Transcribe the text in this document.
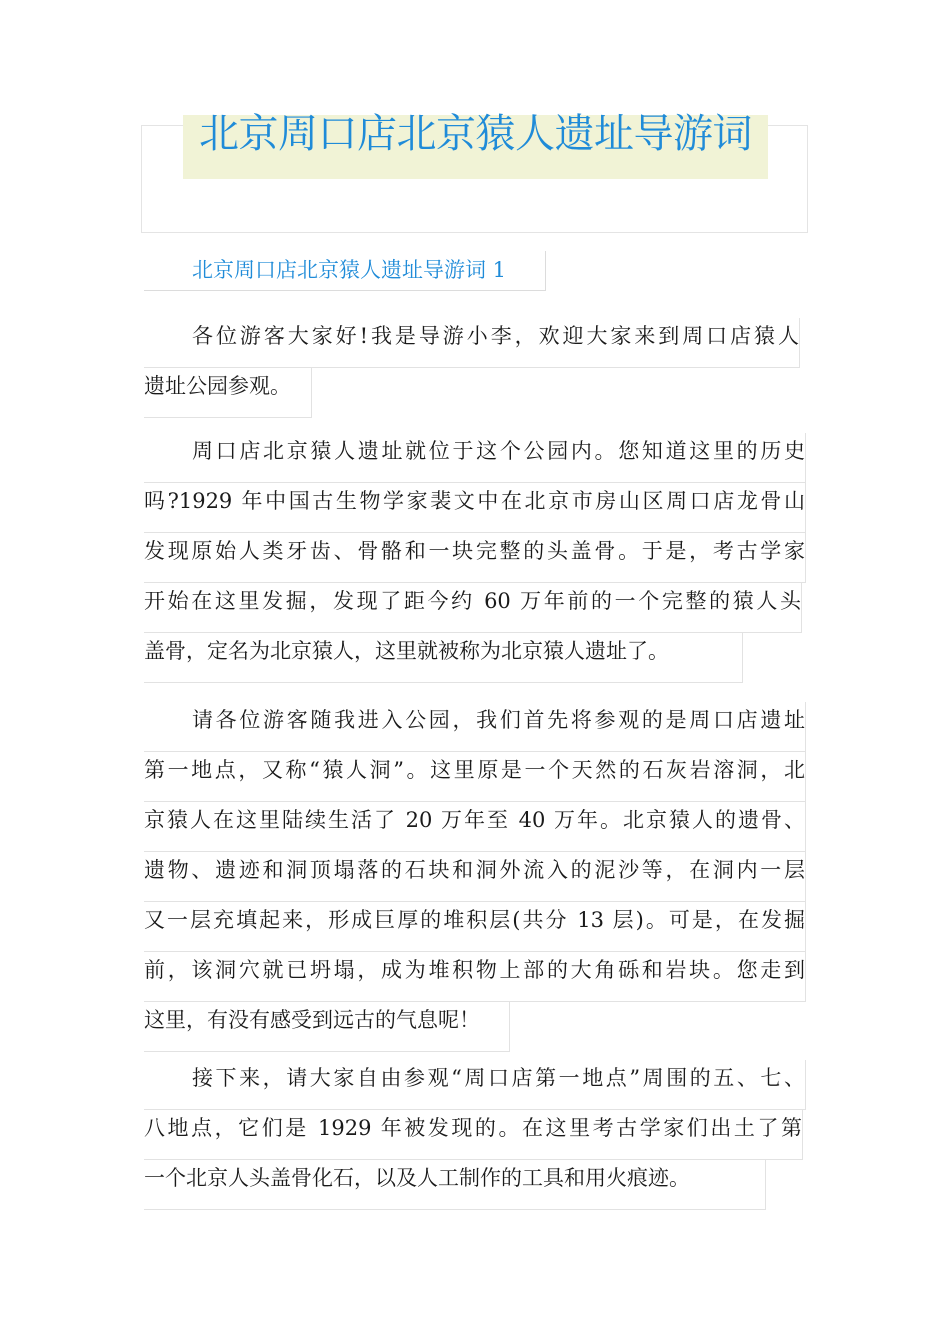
北京周口店北京猿人遗址导游词
北京周口店北京猿人遗址导游词 1
各位游客大家好!我是导游小李，欢迎大家来到周口店猿人
遗址公园参观。
周口店北京猿人遗址就位于这个公园内。您知道这里的历史
吗?1929 年中国古生物学家裴文中在北京市房山区周口店龙骨山
发现原始人类牙齿、骨骼和一块完整的头盖骨。于是，考古学家
开始在这里发掘，发现了距今约 60 万年前的一个完整的猿人头
盖骨，定名为北京猿人，这里就被称为北京猿人遗址了。
请各位游客随我进入公园，我们首先将参观的是周口店遗址
第一地点，又称“猿人洞”。这里原是一个天然的石灰岩溶洞，北
京猿人在这里陆续生活了 20 万年至 40 万年。北京猿人的遗骨、
遗物、遗迹和洞顶塌落的石块和洞外流入的泥沙等，在洞内一层
又一层充填起来，形成巨厚的堆积层(共分 13 层)。可是，在发掘
前，该洞穴就已坍塌，成为堆积物上部的大角砾和岩块。您走到
这里，有没有感受到远古的气息呢！
接下来，请大家自由参观“周口店第一地点”周围的五、七、
八地点，它们是 1929 年被发现的。在这里考古学家们出土了第
一个北京人头盖骨化石，以及人工制作的工具和用火痕迹。
